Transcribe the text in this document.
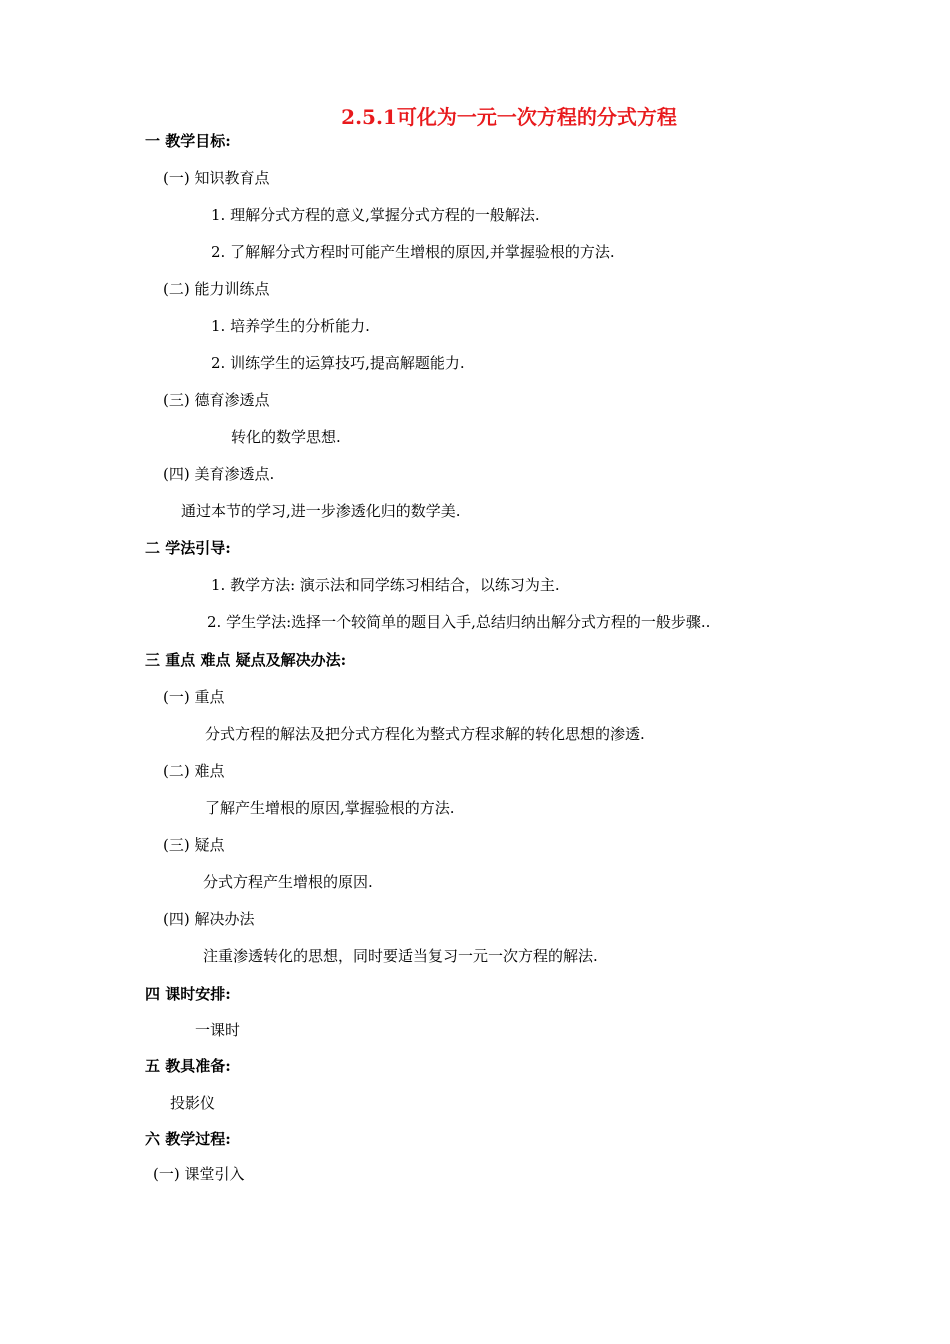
2.5.1可化为一元一次方程的分式方程
一 教学目标:
(一) 知识教育点
1. 理解分式方程的意义,掌握分式方程的一般解法.
2. 了解解分式方程时可能产生增根的原因,并掌握验根的方法.
(二) 能力训练点
1. 培养学生的分析能力.
2. 训练学生的运算技巧,提高解题能力.
(三) 德育渗透点
转化的数学思想.
(四) 美育渗透点.
通过本节的学习,进一步渗透化归的数学美.
二 学法引导:
1. 教学方法: 演示法和同学练习相结合，以练习为主.
2. 学生学法:选择一个较简单的题目入手,总结归纳出解分式方程的一般步骤..
三 重点 难点 疑点及解决办法:
(一) 重点
分式方程的解法及把分式方程化为整式方程求解的转化思想的渗透.
(二) 难点
了解产生增根的原因,掌握验根的方法.
(三) 疑点
分式方程产生增根的原因.
(四) 解决办法
注重渗透转化的思想，同时要适当复习一元一次方程的解法.
四 课时安排:
一课时
五 教具准备:
投影仪
六 教学过程:
(一) 课堂引入
